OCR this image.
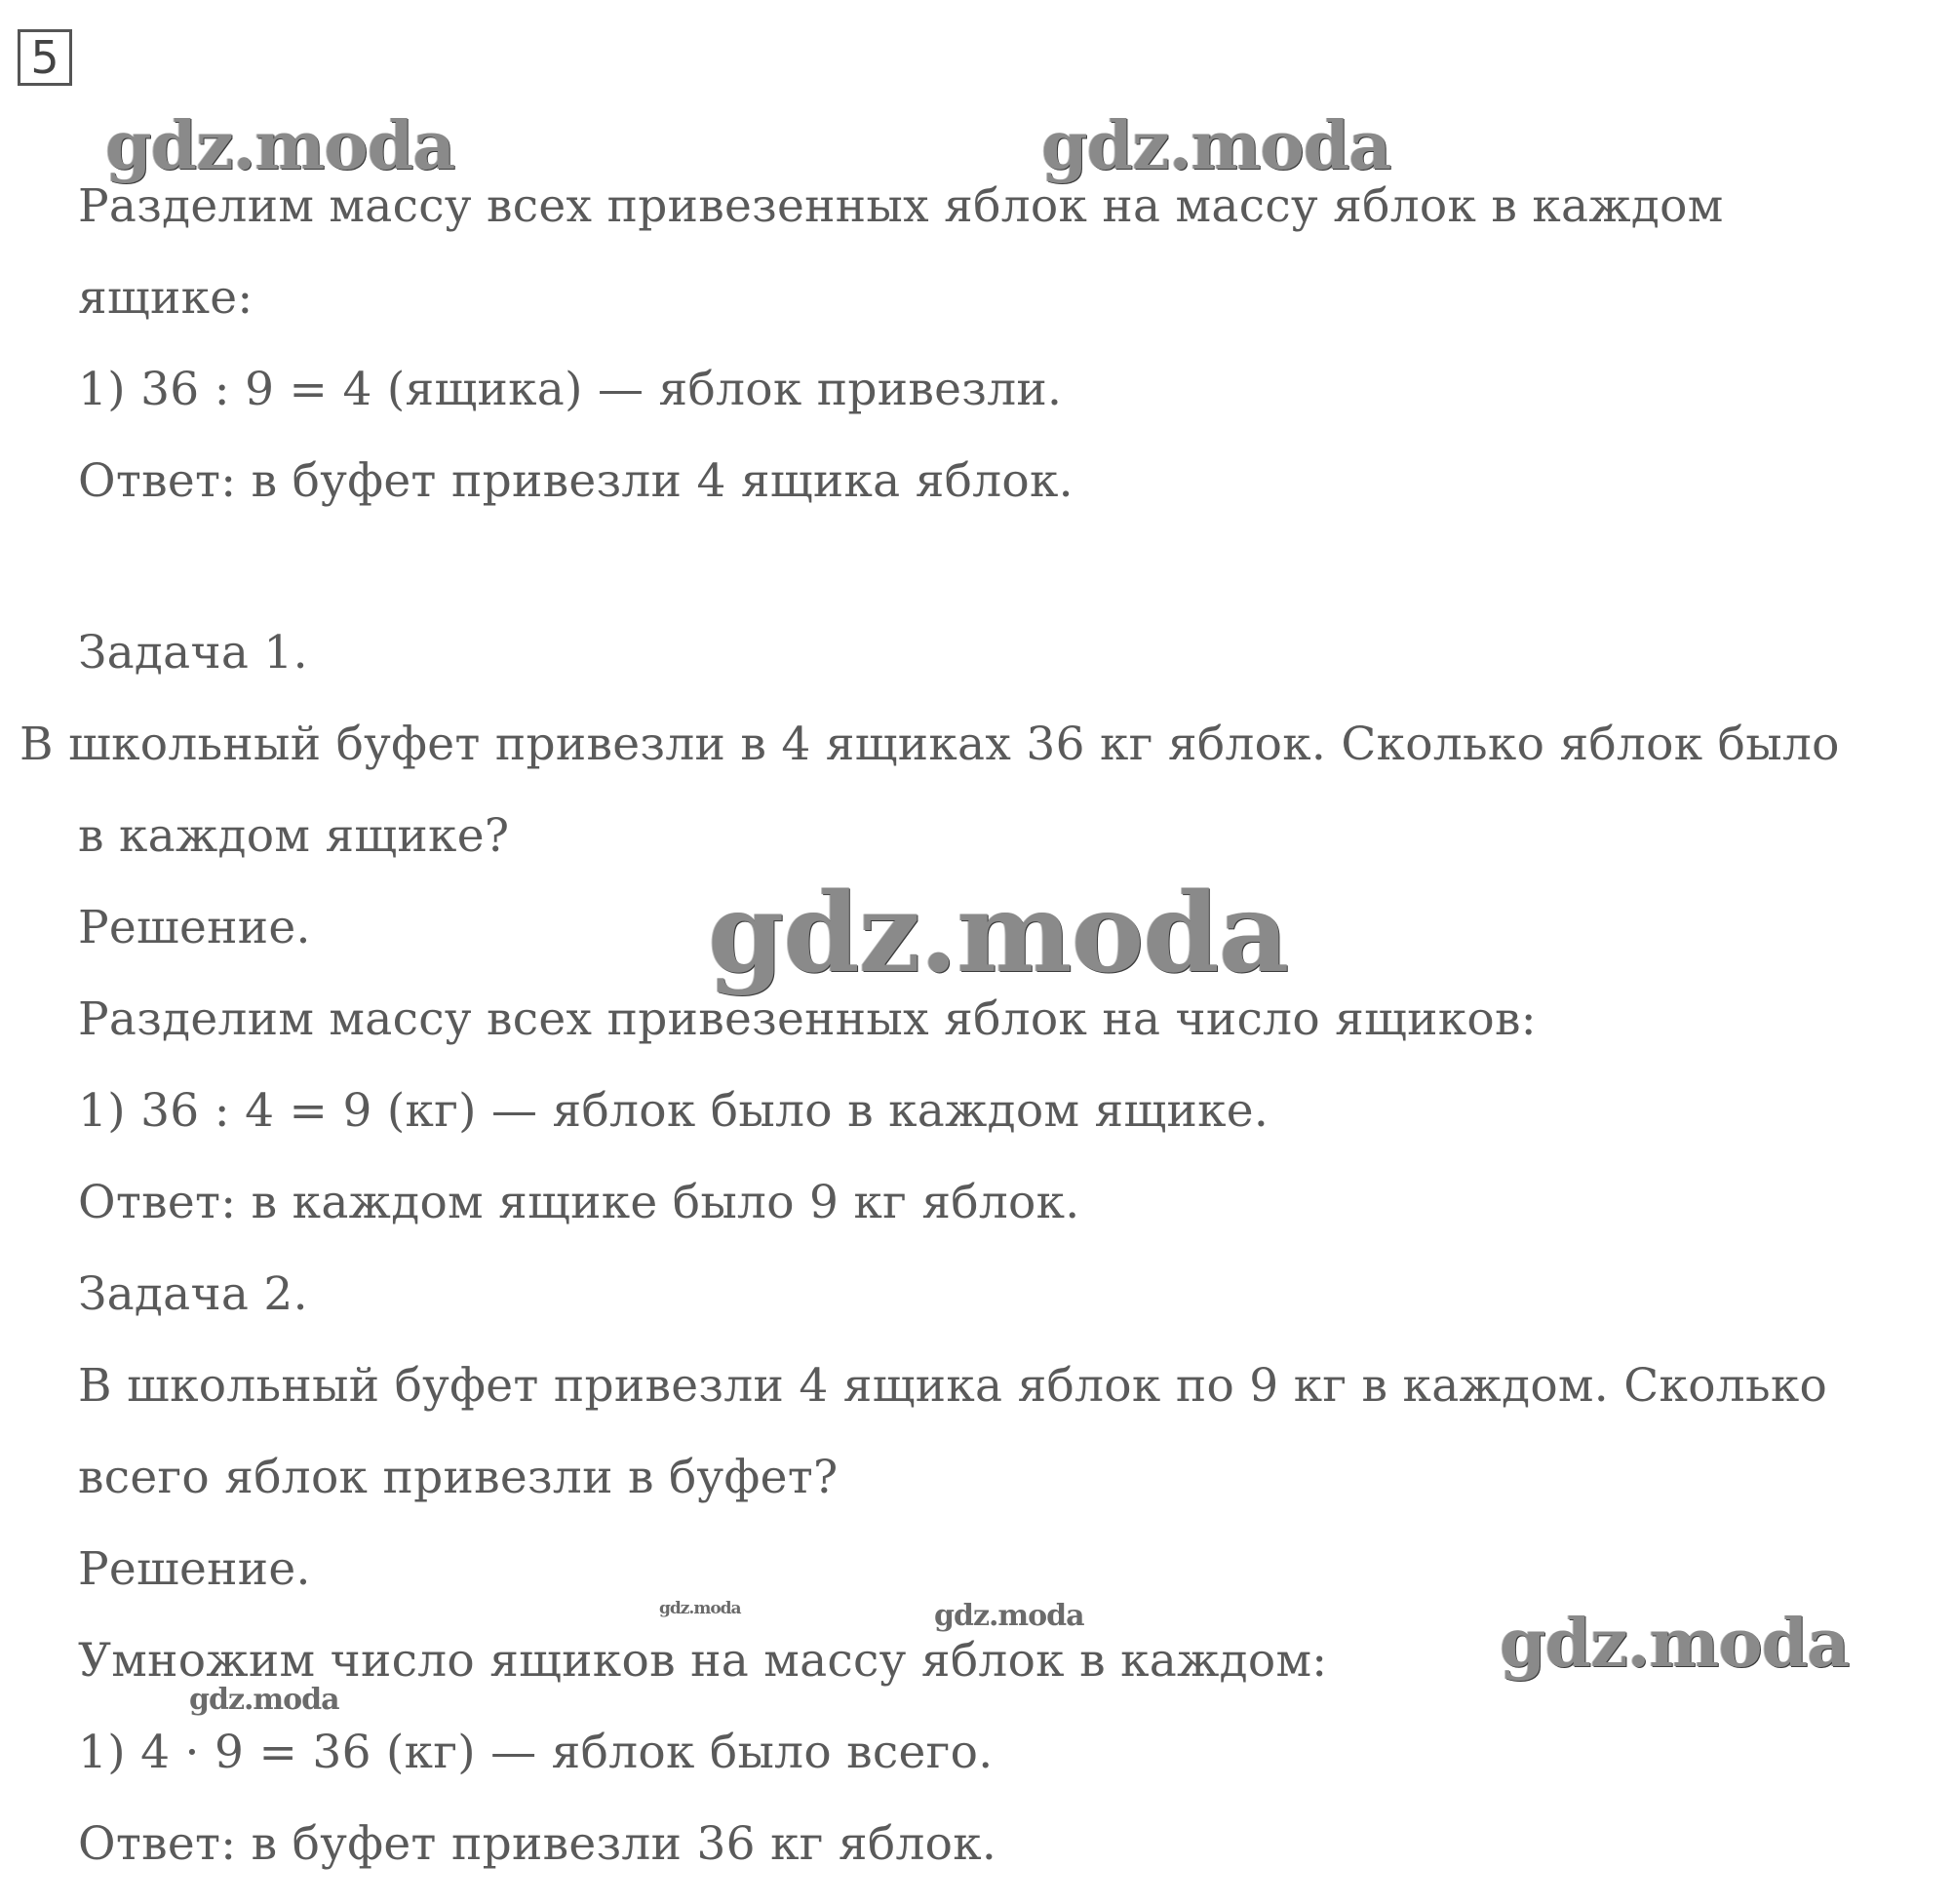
5
Разделим массу всех привезенных яблок на массу яблок в каждом
ящике:
1) 36 : 9 = 4 (ящика) — яблок привезли.
Ответ: в буфет привезли 4 ящика яблок.
Задача 1.
В школьный буфет привезли в 4 ящиках 36 кг яблок. Сколько яблок было
в каждом ящике?
Решение.
Разделим массу всех привезенных яблок на число ящиков:
1) 36 : 4 = 9 (кг) — яблок было в каждом ящике.
Ответ: в каждом ящике было 9 кг яблок.
Задача 2.
В школьный буфет привезли 4 ящика яблок по 9 кг в каждом. Сколько
всего яблок привезли в буфет?
Решение.
Умножим число ящиков на массу яблок в каждом:
1) 4 · 9 = 36 (кг) — яблок было всего.
Ответ: в буфет привезли 36 кг яблок.
gdz.moda	gdz.moda
gdz.moda
gdz.moda	gdz.moda	gdz.moda
gdz.moda
